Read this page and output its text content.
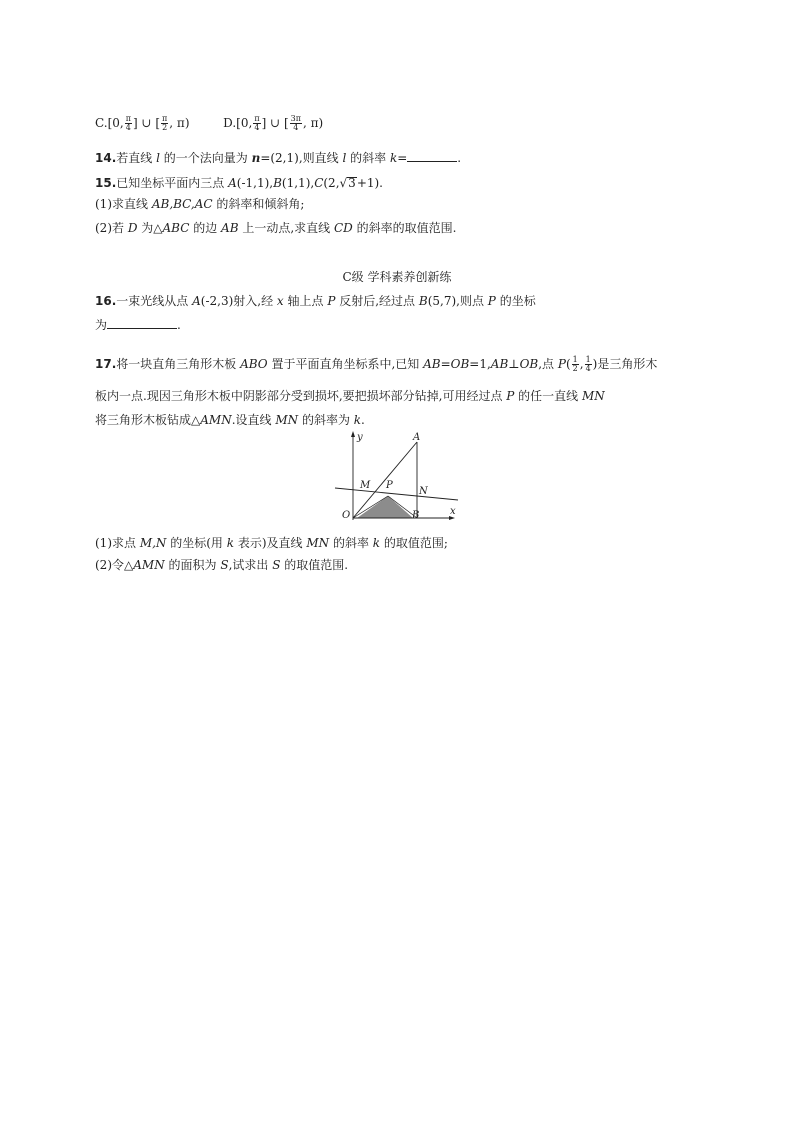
C.[0, $\frac{\pi}{4}$ ] ∪ [ $\frac{\pi}{2}$ , π)	D.[0, $\frac{\pi}{4}$ ] ∪ [ $\frac{3\pi}{4}$ , π)
14.若直线 l 的一个法向量为 n=(2,1),则直线 l 的斜率 k=	.
15.已知坐标平面内三点 A(-1,1),B(1,1),C(2,√3+1).
(1)求直线 AB,BC,AC 的斜率和倾斜角;
(2)若 D 为△ABC 的边 AB 上一动点,求直线 CD 的斜率的取值范围.
C级 学科素养创新练
16.一束光线从点 A(-2,3)射入,经 x 轴上点 P 反射后,经过点 B(5,7),则点 P 的坐标
为	.
17.将一块直角三角形木板 ABO 置于平面直角坐标系中,已知 AB=OB=1,AB⊥OB,点 $P( \frac{1}{2}$ , $\frac{1}{4}$ )是三角形木
板内一点.现因三角形木板中阴影部分受到损坏,要把损坏部分钻掉,可用经过点 P 的任一直线 MN
将三角形木板钻成△AMN.设直线 MN 的斜率为 k.
y
x
O
A
B
M P
N
(1)求点 M,N 的坐标(用 k 表示)及直线 MN 的斜率 k 的取值范围;
(2)令△AMN 的面积为 S,试求出 S 的取值范围.
